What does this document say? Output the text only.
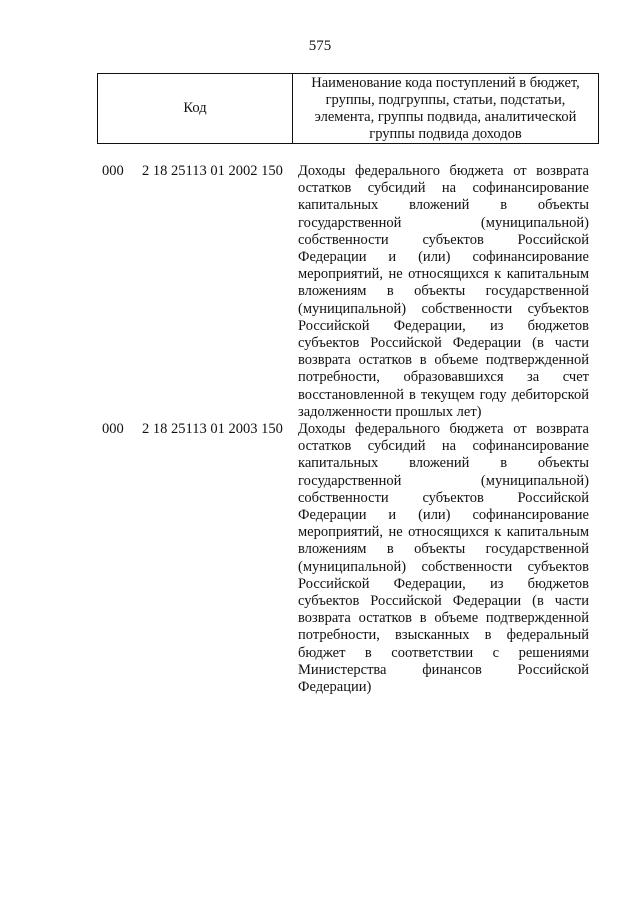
575
Код
Наименование кода поступлений в бюджет, группы, подгруппы, статьи, подстатьи, элемента, группы подвида, аналитической группы подвида доходов
000 2 18 25113 01 2002 150 Доходы федерального бюджета от возврата
остатков субсидий на софинансирование
капитальных вложений в объекты
государственной (муниципальной)
собственности субъектов Российской
Федерации и (или) софинансирование
мероприятий, не относящихся к капитальным
вложениям в объекты государственной
(муниципальной) собственности субъектов
Российской Федерации, из бюджетов
субъектов Российской Федерации (в части
возврата остатков в объеме подтвержденной
потребности, образовавшихся за счет
восстановленной в текущем году дебиторской
задолженности прошлых лет)
000 2 18 25113 01 2003 150 Доходы федерального бюджета от возврата
остатков субсидий на софинансирование
капитальных вложений в объекты
государственной (муниципальной)
собственности субъектов Российской
Федерации и (или) софинансирование
мероприятий, не относящихся к капитальным
вложениям в объекты государственной
(муниципальной) собственности субъектов
Российской Федерации, из бюджетов
субъектов Российской Федерации (в части
возврата остатков в объеме подтвержденной
потребности, взысканных в федеральный
бюджет в соответствии с решениями
Министерства финансов Российской
Федерации)
